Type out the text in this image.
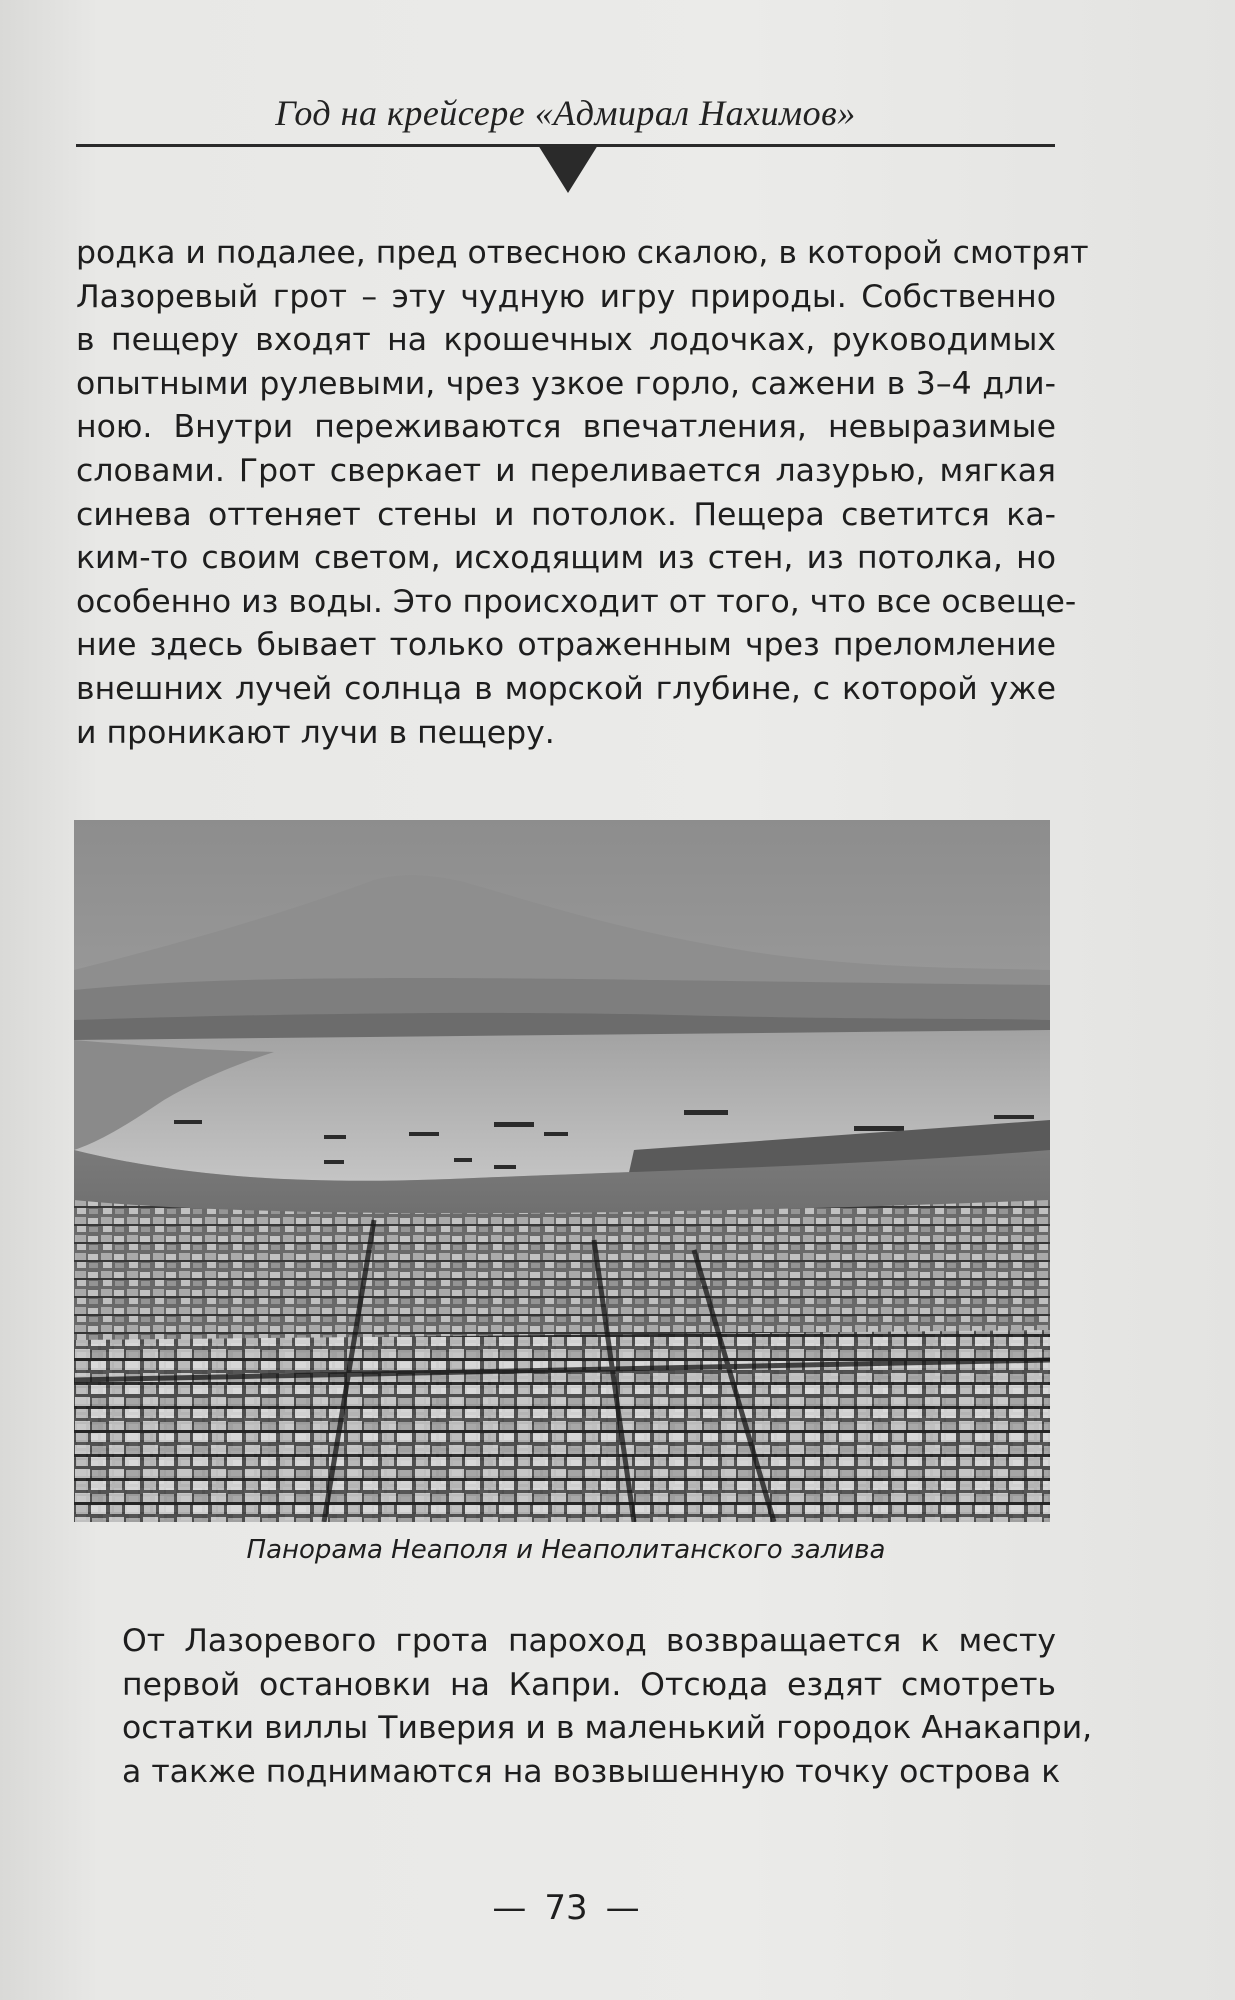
Год на крейсере «Адмирал Нахимов»
родка и подалее, пред отвесною скалою, в которой смотрят
Лазоревый грот – эту чудную игру природы. Собственно
в пещеру входят на крошечных лодочках, руководимых
опытными рулевыми, чрез узкое горло, сажени в 3–4 дли-
ною. Внутри переживаются впечатления, невыразимые
словами. Грот сверкает и переливается лазурью, мягкая
синева оттеняет стены и потолок. Пещера светится ка-
ким-то своим светом, исходящим из стен, из потолка, но
особенно из воды. Это происходит от того, что все освеще-
ние здесь бывает только отраженным чрез преломление
внешних лучей солнца в морской глубине, с которой уже
и проникают лучи в пещеру.
Панорама Неаполя и Неаполитанского залива
От Лазоревого грота пароход возвращается к месту
первой остановки на Капри. Отсюда ездят смотреть
остатки виллы Тиверия и в маленький городок Анакапри,
а также поднимаются на возвышенную точку острова к
— 73 —
